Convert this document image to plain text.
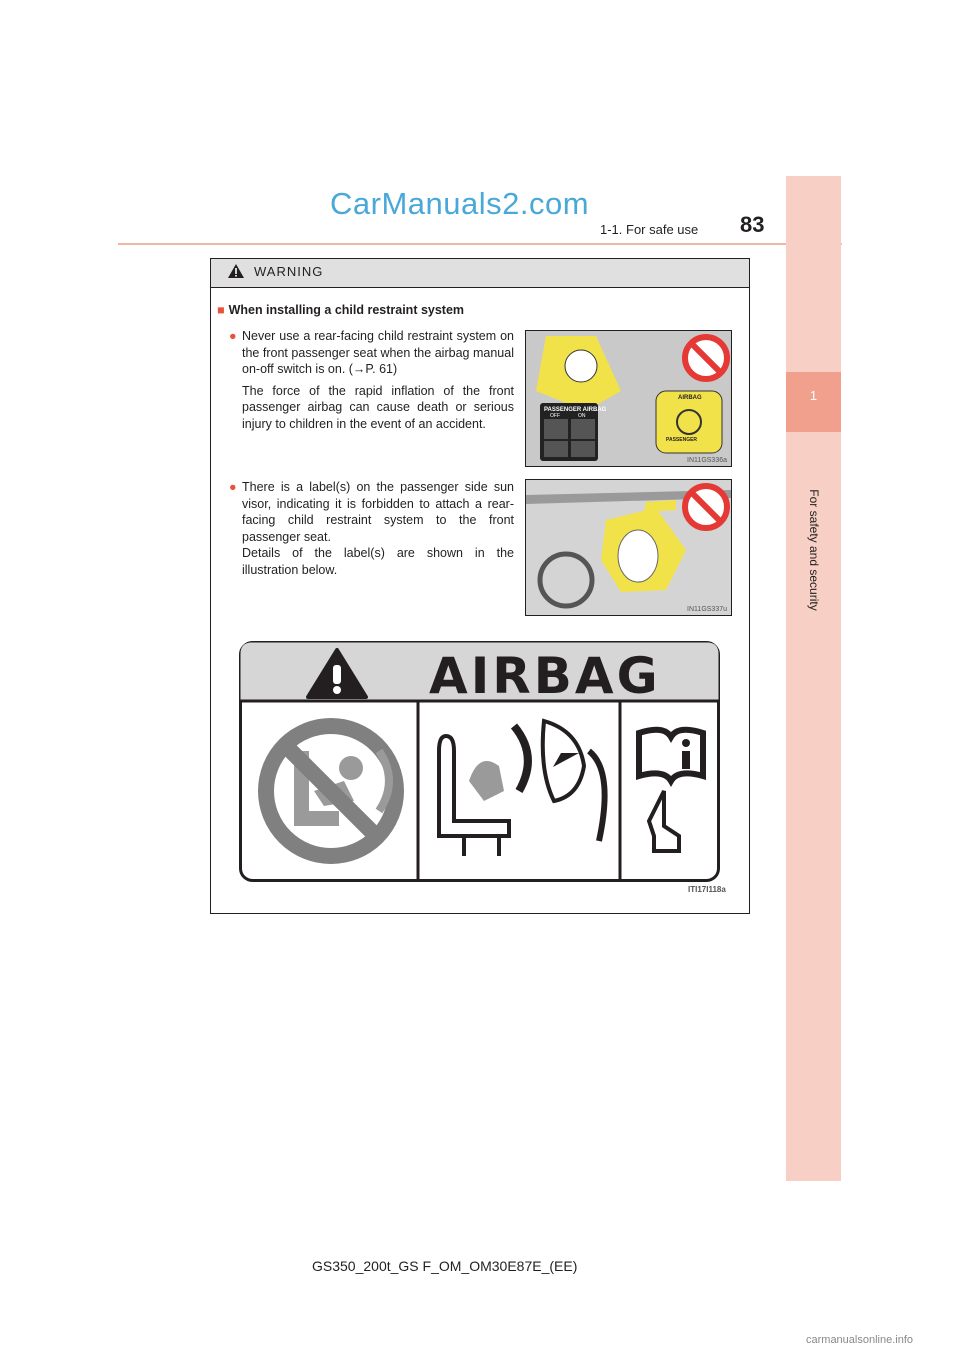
CarManuals2.com
1-1. For safe use 83
1
For safety and security
WARNING
■ When installing a child restraint system
● Never use a rear-facing child restraint system on the front passenger seat when the airbag manual on-off switch is on. (→P. 61)
The force of the rapid inflation of the front passenger airbag can cause death or serious injury to children in the event of an accident.
PASSENGER AIRBAG
OFF	ON
AIRBAG
PASSENGER
IN11GS336a
● There is a label(s) on the passenger side sun visor, indicating it is forbidden to attach a rear-facing child restraint system to the front passenger seat.
Details of the label(s) are shown in the illustration below.
IN11GS337u
AIRBAG
ITI17I118a
GS350_200t_GS F_OM_OM30E87E_(EE)
carmanualsonline.info
